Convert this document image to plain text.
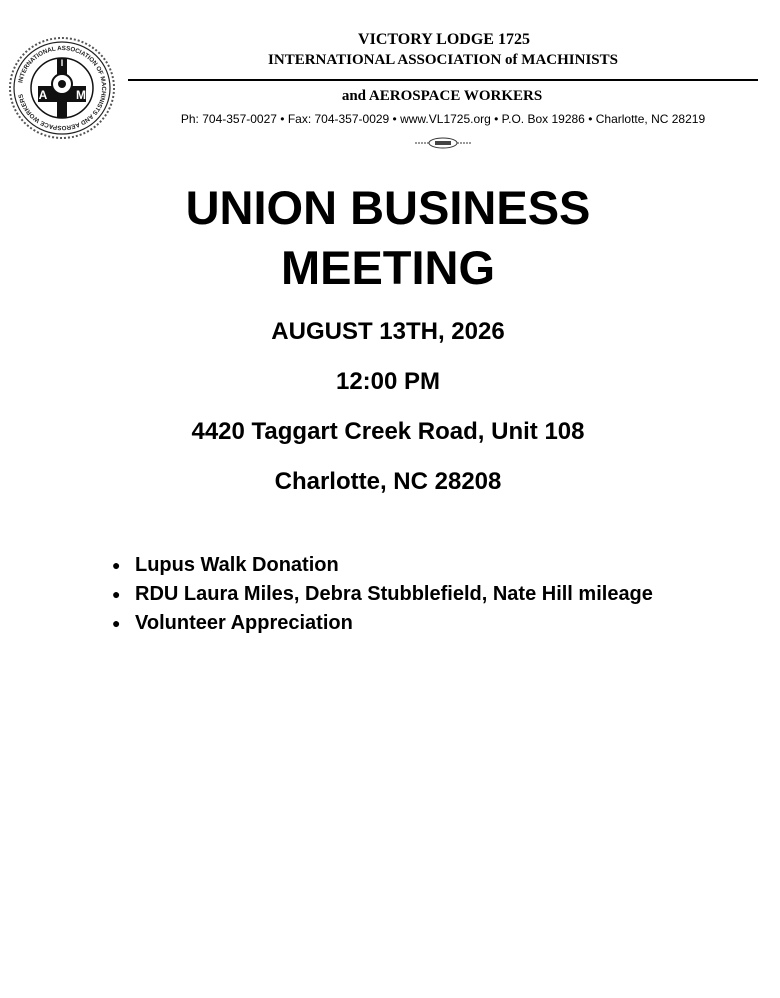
INTERNATIONAL ASSOCIATION OF MACHINISTS AND AEROSPACE WORKERS
I
A M
VICTORY LODGE 1725
INTERNATIONAL ASSOCIATION of MACHINISTS
and AEROSPACE WORKERS
Ph: 704-357-0027 • Fax: 704-357-0029 • www.VL1725.org • P.O. Box 19286 • Charlotte, NC 28219
UNION BUSINESS
MEETING
AUGUST 13TH, 2026
12:00 PM
4420 Taggart Creek Road, Unit 108
Charlotte, NC 28208
● Lupus Walk Donation
● RDU Laura Miles, Debra Stubblefield, Nate Hill mileage
● Volunteer Appreciation
